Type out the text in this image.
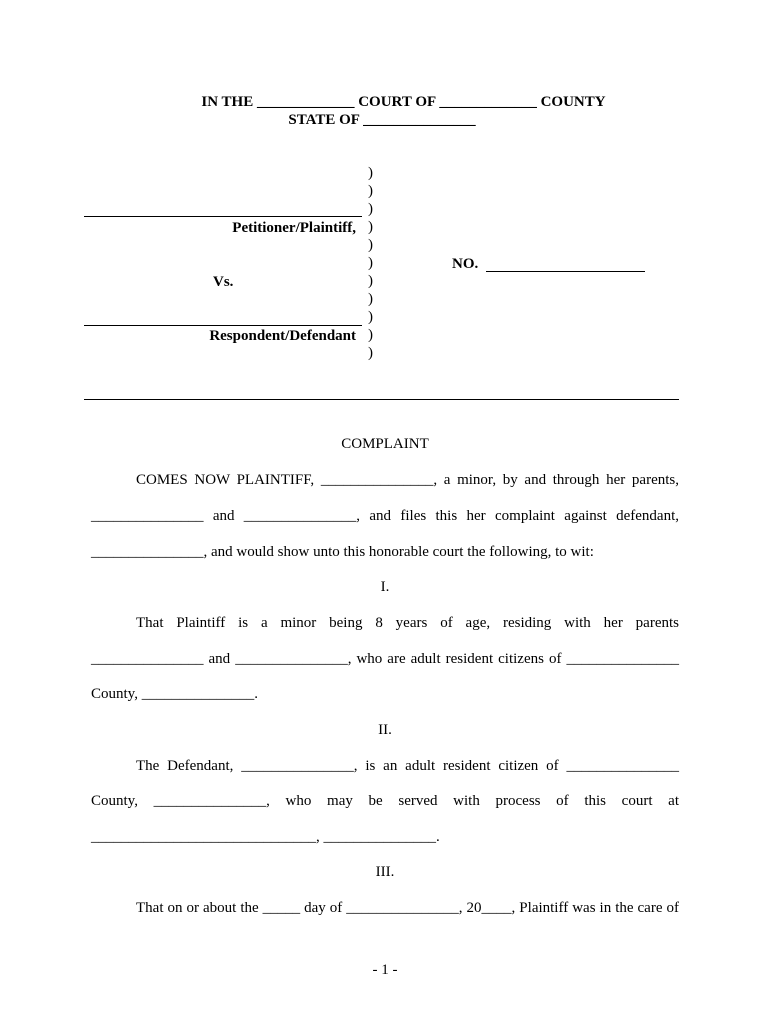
IN THE _____________ COURT OF _____________ COUNTY
STATE OF _______________
)
)
)
)
)
)
)
)
)
)
)
Petitioner/Plaintiff,
Vs.
Respondent/Defendant
NO.
COMPLAINT
COMES NOW PLAINTIFF, _______________, a minor, by and through her parents,
_______________ and _______________, and files this her complaint against defendant,
_______________, and would show unto this honorable court the following, to wit:
I.
That Plaintiff is a minor being 8 years of age, residing with her parents
_______________ and _______________, who are adult resident citizens of _______________
County, _______________.
II.
The Defendant, _______________, is an adult resident citizen of _______________
County, _______________, who may be served with process of this court at
______________________________, _______________.
III.
That on or about the _____ day of _______________, 20____, Plaintiff was in the care of
- 1 -
